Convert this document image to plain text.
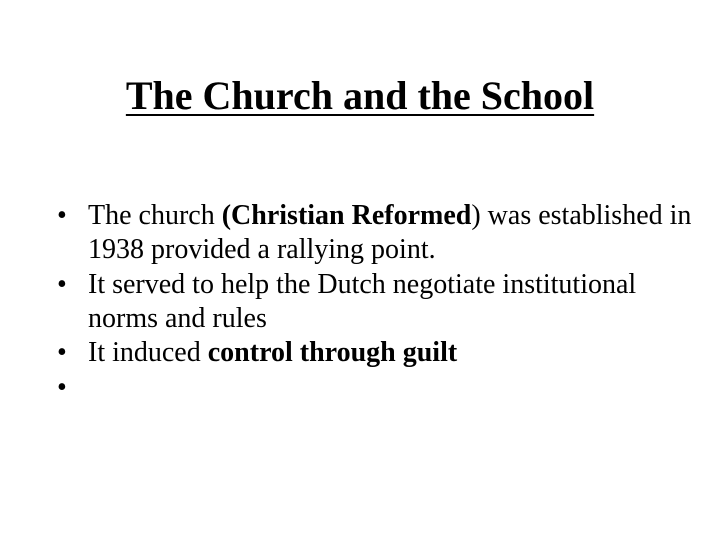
The Church and the School
• The church (Christian Reformed) was established in 1938 provided a rallying point.
• It served to help the Dutch negotiate institutional norms and rules
• It induced control through guilt
•
